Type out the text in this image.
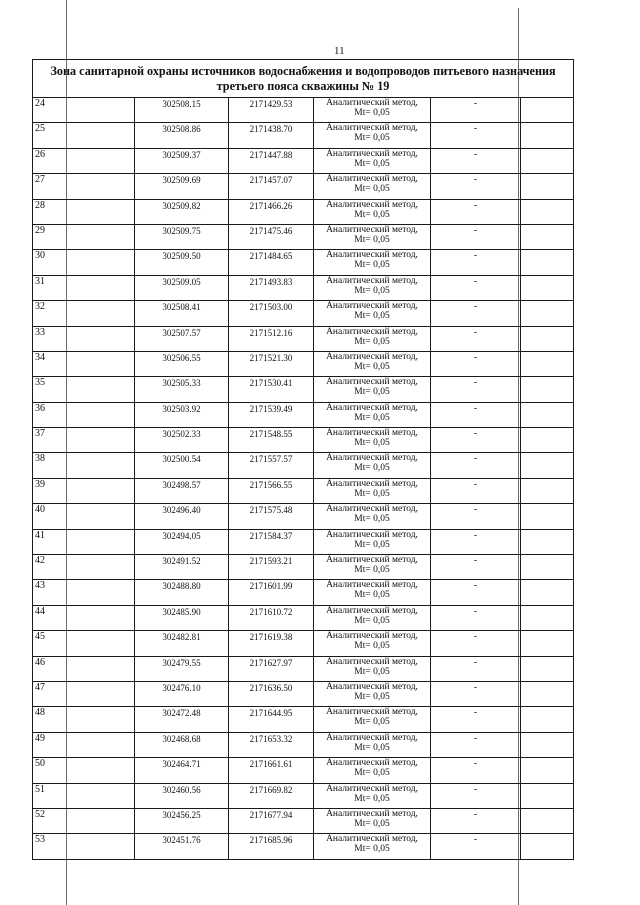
11
Зона санитарной охраны источников водоснабжения и водопроводов питьевого назначения третьего пояса скважины № 19					
24	302508.15	2171429.53	Аналитический метод,
Mt= 0,05	-	
25	302508.86	2171438.70	Аналитический метод,
Mt= 0,05	-	
26	302509.37	2171447.88	Аналитический метод,
Mt= 0,05	-	
27	302509.69	2171457.07	Аналитический метод,
Mt= 0,05	-	
28	302509.82	2171466.26	Аналитический метод,
Mt= 0,05	-	
29	302509.75	2171475.46	Аналитический метод,
Mt= 0,05	-	
30	302509.50	2171484.65	Аналитический метод,
Mt= 0,05	-	
31	302509.05	2171493.83	Аналитический метод,
Mt= 0,05	-	
32	302508.41	2171503.00	Аналитический метод,
Mt= 0,05	-	
33	302507.57	2171512.16	Аналитический метод,
Mt= 0,05	-	
34	302506.55	2171521.30	Аналитический метод,
Mt= 0,05	-	
35	302505.33	2171530.41	Аналитический метод,
Mt= 0,05	-	
36	302503.92	2171539.49	Аналитический метод,
Mt= 0,05	-	
37	302502.33	2171548.55	Аналитический метод,
Mt= 0,05	-	
38	302500.54	2171557.57	Аналитический метод,
Mt= 0,05	-	
39	302498.57	2171566.55	Аналитический метод,
Mt= 0,05	-	
40	302496.40	2171575.48	Аналитический метод,
Mt= 0,05	-	
41	302494.05	2171584.37	Аналитический метод,
Mt= 0,05	-	
42	302491.52	2171593.21	Аналитический метод,
Mt= 0,05	-	
43	302488.80	2171601.99	Аналитический метод,
Mt= 0,05	-	
44	302485.90	2171610.72	Аналитический метод,
Mt= 0,05	-	
45	302482.81	2171619.38	Аналитический метод,
Mt= 0,05	-	
46	302479.55	2171627.97	Аналитический метод,
Mt= 0,05	-	
47	302476.10	2171636.50	Аналитический метод,
Mt= 0,05	-	
48	302472.48	2171644.95	Аналитический метод,
Mt= 0,05	-	
49	302468.68	2171653.32	Аналитический метод,
Mt= 0,05	-	
50	302464.71	2171661.61	Аналитический метод,
Mt= 0,05	-	
51	302460.56	2171669.82	Аналитический метод,
Mt= 0,05	-	
52	302456.25	2171677.94	Аналитический метод,
Mt= 0,05	-	
53	302451.76	2171685.96	Аналитический метод,
Mt= 0,05	-	
